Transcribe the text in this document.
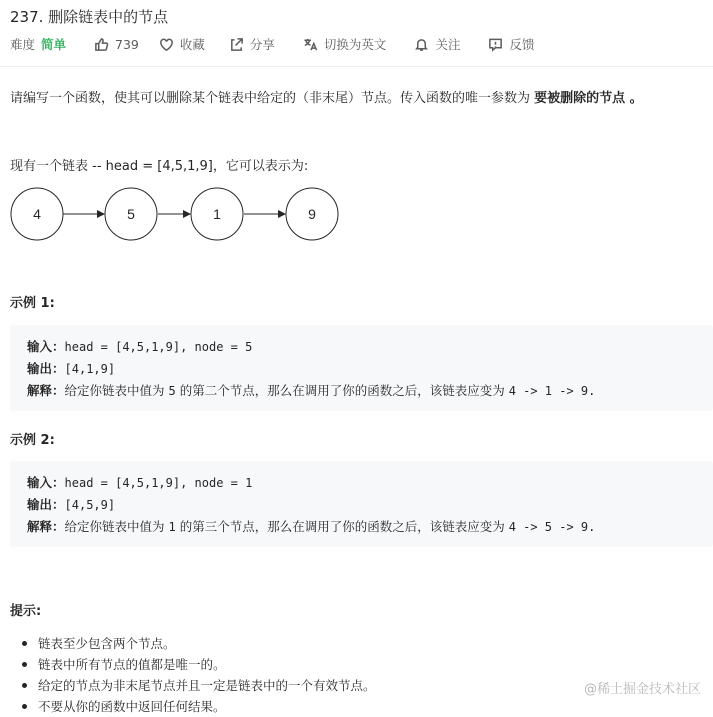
237. 删除链表中的节点
难度 简单	739	收藏	分享	切换为英文	关注	反馈
请编写一个函数，使其可以删除某个链表中给定的（非末尾）节点。传入函数的唯一参数为 要被删除的节点 。
现有一个链表 -- head = [4,5,1,9]，它可以表示为:
4	5	1	9
示例 1:
输入：head = [4,5,1,9], node = 5
输出：[4,1,9]
解释：给定你链表中值为 5 的第二个节点，那么在调用了你的函数之后，该链表应变为 4 -> 1 -> 9.
示例 2:
输入：head = [4,5,1,9], node = 1
输出：[4,5,9]
解释：给定你链表中值为 1 的第三个节点，那么在调用了你的函数之后，该链表应变为 4 -> 5 -> 9.
提示:
链表至少包含两个节点。
链表中所有节点的值都是唯一的。
给定的节点为非末尾节点并且一定是链表中的一个有效节点。
不要从你的函数中返回任何结果。
@稀土掘金技术社区
